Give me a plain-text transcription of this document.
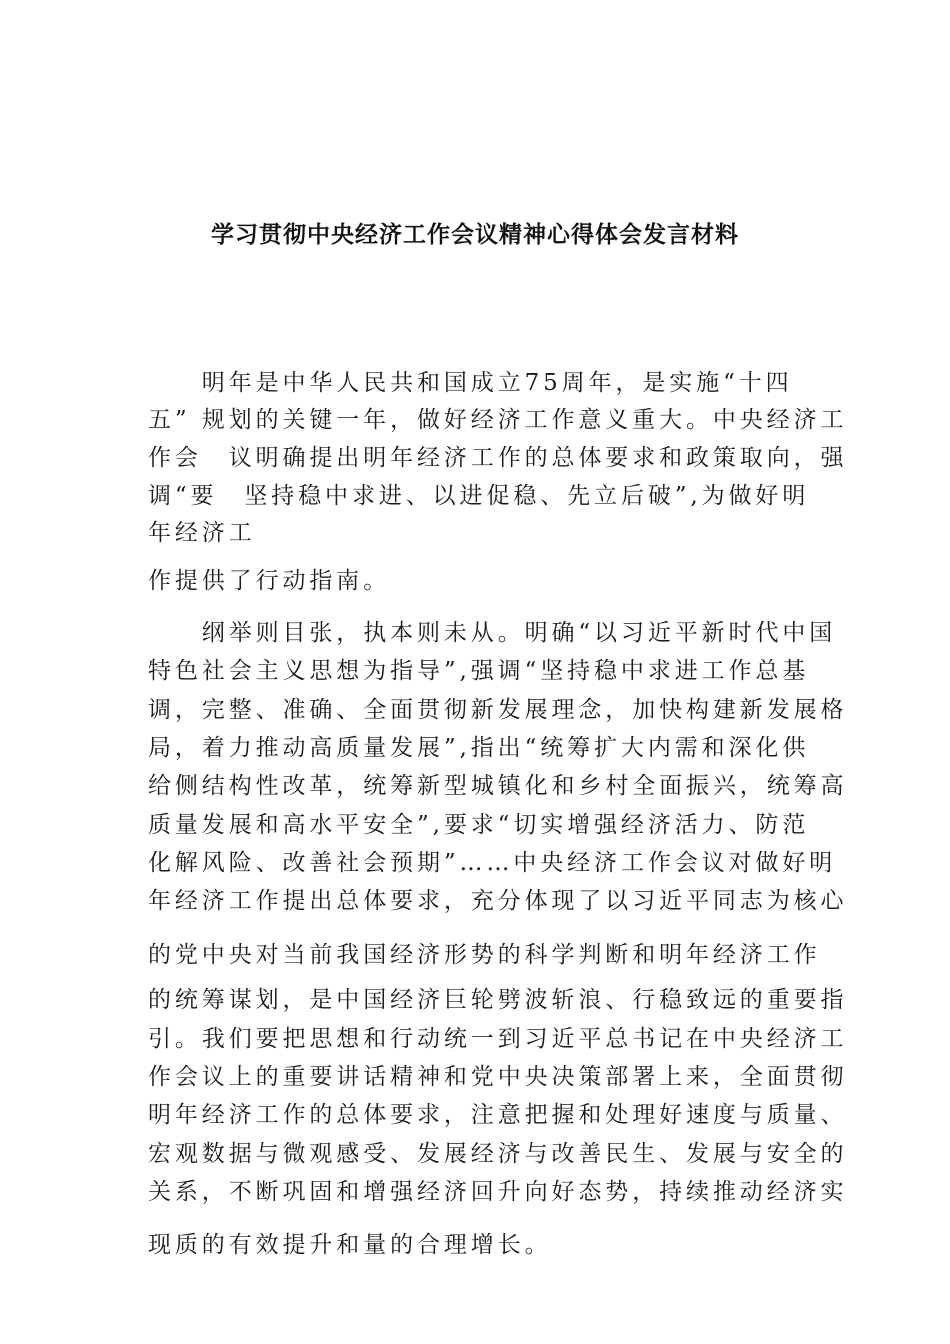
学习贯彻中央经济工作会议精神心得体会发言材料

　　明年是中华人民共和国成立75周年，是实施“十四

五” 规划的关键一年，做好经济工作意义重大。中央经济工

作会　议明确提出明年经济工作的总体要求和政策取向，强

调“要　坚持稳中求进、以进促稳、先立后破”,为做好明

年经济工

作提供了行动指南。

　　纲举则目张，执本则未从。明确“以习近平新时代中国

特色社会主义思想为指导”,强调“坚持稳中求进工作总基

调，完整、准确、全面贯彻新发展理念，加快构建新发展格

局，着力推动高质量发展”,指出“统筹扩大内需和深化供

给侧结构性改革，统筹新型城镇化和乡村全面振兴，统筹高

质量发展和高水平安全”,要求“切实增强经济活力、防范

化解风险、改善社会预期”……中央经济工作会议对做好明

年经济工作提出总体要求，充分体现了以习近平同志为核心

的党中央对当前我国经济形势的科学判断和明年经济工作

的统筹谋划，是中国经济巨轮劈波斩浪、行稳致远的重要指

引。我们要把思想和行动统一到习近平总书记在中央经济工

作会议上的重要讲话精神和党中央决策部署上来，全面贯彻

明年经济工作的总体要求，注意把握和处理好速度与质量、

宏观数据与微观感受、发展经济与改善民生、发展与安全的

关系，不断巩固和增强经济回升向好态势，持续推动经济实

现质的有效提升和量的合理增长。
